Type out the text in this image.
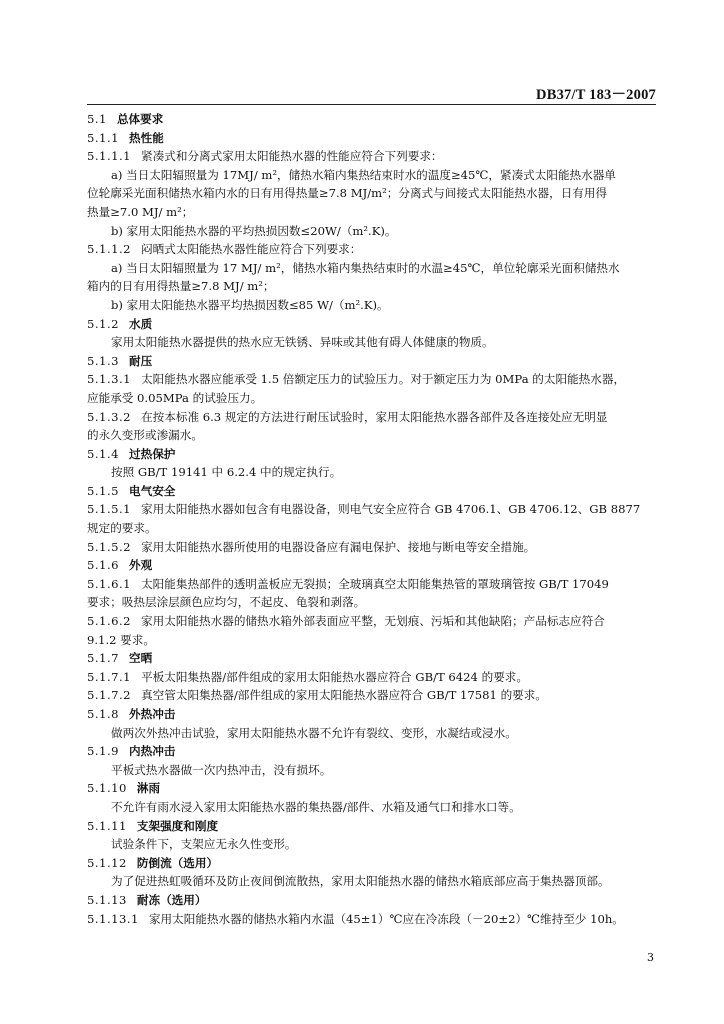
DB37/T 183－2007
5.1 总体要求
5.1.1 热性能
5.1.1.1 紧凑式和分离式家用太阳能热水器的性能应符合下列要求：
a) 当日太阳辐照量为 17MJ/ m²，储热水箱内集热结束时水的温度≥45℃，紧凑式太阳能热水器单
位轮廓采光面积储热水箱内水的日有用得热量≥7.8 MJ/m²；分离式与间接式太阳能热水器，日有用得
热量≥7.0 MJ/ m²；
b) 家用太阳能热水器的平均热损因数≤20W/（m².K)。
5.1.1.2 闷晒式太阳能热水器性能应符合下列要求：
a) 当日太阳辐照量为 17 MJ/ m²，储热水箱内集热结束时的水温≥45℃，单位轮廓采光面积储热水
箱内的日有用得热量≥7.8 MJ/ m²；
b) 家用太阳能热水器平均热损因数≤85 W/（m².K)。
5.1.2 水质
家用太阳能热水器提供的热水应无铁锈、异味或其他有碍人体健康的物质。
5.1.3 耐压
5.1.3.1 太阳能热水器应能承受 1.5 倍额定压力的试验压力。对于额定压力为 0MPa 的太阳能热水器，
应能承受 0.05MPa 的试验压力。
5.1.3.2 在按本标准 6.3 规定的方法进行耐压试验时，家用太阳能热水器各部件及各连接处应无明显
的永久变形或渗漏水。
5.1.4 过热保护
按照 GB/T 19141 中 6.2.4 中的规定执行。
5.1.5 电气安全
5.1.5.1 家用太阳能热水器如包含有电器设备，则电气安全应符合 GB 4706.1、GB 4706.12、GB 8877
规定的要求。
5.1.5.2 家用太阳能热水器所使用的电器设备应有漏电保护、接地与断电等安全措施。
5.1.6 外观
5.1.6.1 太阳能集热部件的透明盖板应无裂损；全玻璃真空太阳能集热管的罩玻璃管按 GB/T 17049
要求；吸热层涂层颜色应均匀，不起皮、龟裂和剥落。
5.1.6.2 家用太阳能热水器的储热水箱外部表面应平整，无划痕、污垢和其他缺陷；产品标志应符合
9.1.2 要求。
5.1.7 空晒
5.1.7.1 平板太阳集热器/部件组成的家用太阳能热水器应符合 GB/T 6424 的要求。
5.1.7.2 真空管太阳集热器/部件组成的家用太阳能热水器应符合 GB/T 17581 的要求。
5.1.8 外热冲击
做两次外热冲击试验，家用太阳能热水器不允许有裂纹、变形，水凝结或浸水。
5.1.9 内热冲击
平板式热水器做一次内热冲击，没有损坏。
5.1.10 淋雨
不允许有雨水浸入家用太阳能热水器的集热器/部件、水箱及通气口和排水口等。
5.1.11 支架强度和刚度
试验条件下，支架应无永久性变形。
5.1.12 防倒流（选用）
为了促进热虹吸循环及防止夜间倒流散热，家用太阳能热水器的储热水箱底部应高于集热器顶部。
5.1.13 耐冻（选用）
5.1.13.1 家用太阳能热水器的储热水箱内水温（45±1）℃应在冷冻段（－20±2）℃维持至少 10h。
3
